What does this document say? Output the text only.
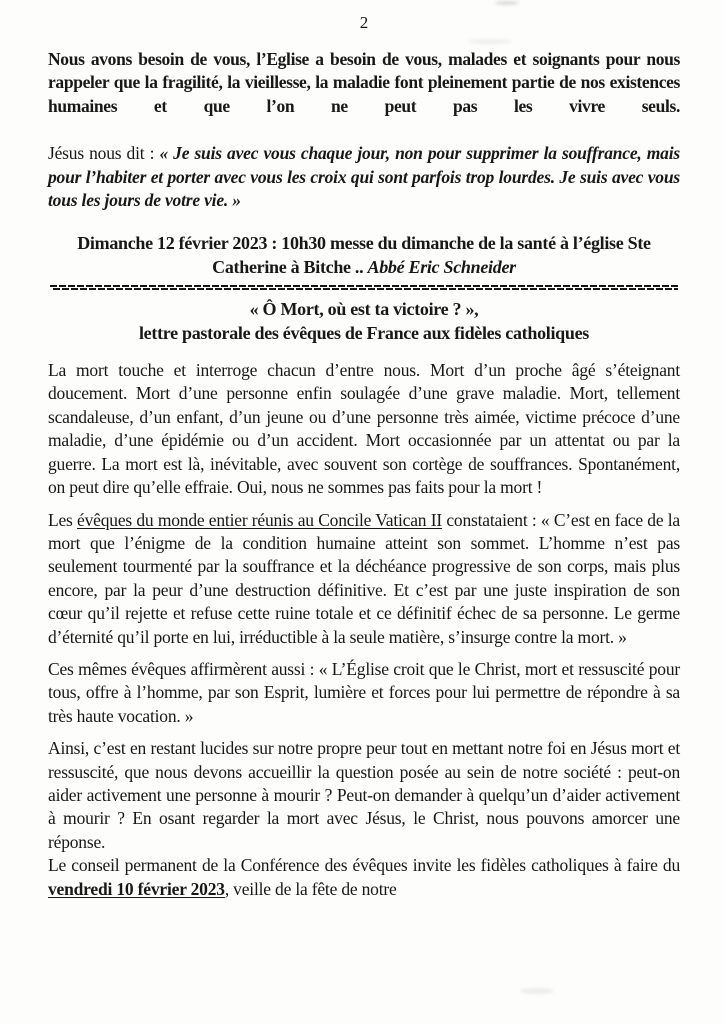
2

Nous avons besoin de vous, l’Eglise a besoin de vous, malades et soignants pour nous rappeler que la fragilité, la vieillesse, la maladie font pleinement partie de nos existences humaines et que l’on ne peut pas les vivre seuls.

Jésus nous dit : « Je suis avec vous chaque jour, non pour supprimer la souffrance, mais pour l’habiter et porter avec vous les croix qui sont parfois trop lourdes. Je suis avec vous tous les jours de votre vie. »

Dimanche 12 février 2023 : 10h30 messe du dimanche de la santé à l’église Ste Catherine à Bitche .. Abbé Eric Schneider

« Ô Mort, où est ta victoire ? »,
lettre pastorale des évêques de France aux fidèles catholiques

La mort touche et interroge chacun d’entre nous. Mort d’un proche âgé s’éteignant doucement. Mort d’une personne enfin soulagée d’une grave maladie. Mort, tellement scandaleuse, d’un enfant, d’un jeune ou d’une personne très aimée, victime précoce d’une maladie, d’une épidémie ou d’un accident. Mort occasionnée par un attentat ou par la guerre. La mort est là, inévitable, avec souvent son cortège de souffrances. Spontanément, on peut dire qu’elle effraie. Oui, nous ne sommes pas faits pour la mort !

Les évêques du monde entier réunis au Concile Vatican II constataient : « C’est en face de la mort que l’énigme de la condition humaine atteint son sommet. L’homme n’est pas seulement tourmenté par la souffrance et la déchéance progressive de son corps, mais plus encore, par la peur d’une destruction définitive. Et c’est par une juste inspiration de son cœur qu’il rejette et refuse cette ruine totale et ce définitif échec de sa personne. Le germe d’éternité qu’il porte en lui, irréductible à la seule matière, s’insurge contre la mort. »

Ces mêmes évêques affirmèrent aussi : « L’Église croit que le Christ, mort et ressuscité pour tous, offre à l’homme, par son Esprit, lumière et forces pour lui permettre de répondre à sa très haute vocation. »

Ainsi, c’est en restant lucides sur notre propre peur tout en mettant notre foi en Jésus mort et ressuscité, que nous devons accueillir la question posée au sein de notre société : peut-on aider activement une personne à mourir ? Peut-on demander à quelqu’un d’aider activement à mourir ? En osant regarder la mort avec Jésus, le Christ, nous pouvons amorcer une réponse.

Le conseil permanent de la Conférence des évêques invite les fidèles catholiques à faire du vendredi 10 février 2023, veille de la fête de notre
